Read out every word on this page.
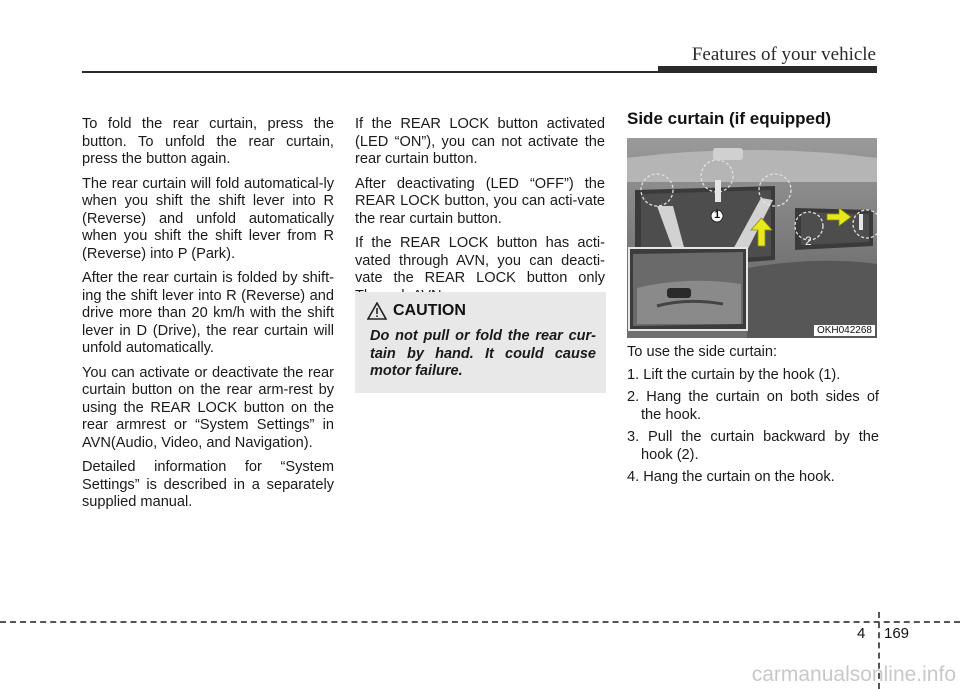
Features of your vehicle

To fold the rear curtain, press the button. To unfold the rear curtain, press the button again.

The rear curtain will fold automatical-ly when you shift the shift lever into R (Reverse) and unfold automatically when you shift the shift lever from R (Reverse) into P (Park).

After the rear curtain is folded by shift-ing the shift lever into R (Reverse) and drive more than 20 km/h with the shift lever in D (Drive), the rear curtain will unfold automatically.

You can activate or deactivate the rear curtain button on the rear arm-rest by using the REAR LOCK button on the rear armrest or “System Settings” in AVN(Audio, Video, and Navigation).

Detailed information for “System Settings” is described in a separately supplied manual.

If the REAR LOCK button activated (LED “ON”), you can not activate the rear curtain button.

After deactivating (LED “OFF”) the REAR LOCK button, you can acti-vate the rear curtain button.

If the REAR LOCK button has acti-vated through AVN, you can deacti-vate the REAR LOCK button only

CAUTION
Do not pull or fold the rear cur-tain by hand. It could cause motor failure.
Side curtain (if equipped)
1
2
OKH042268

To use the side curtain:

1. Lift the curtain by the hook (1).
2. Hang the curtain on both sides of the hook.
3. Pull the curtain backward by the hook (2).
4. Hang the curtain on the hook.
4 169
carmanualsonline.info
